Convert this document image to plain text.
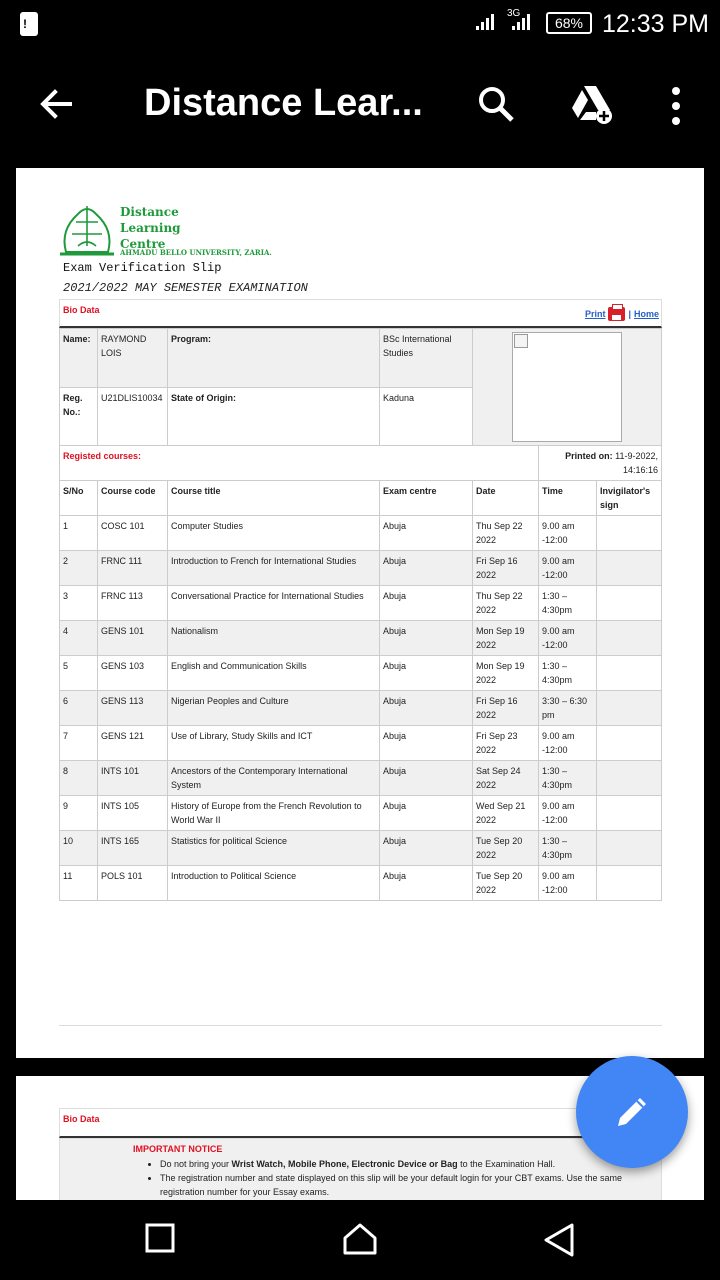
!
3G
68% 12:33 PM
Distance Lear...
Distance
Learning
Centre
AHMADU BELLO UNIVERSITY, ZARIA.
Exam Verification Slip
2021/2022 MAY SEMESTER EXAMINATION
Bio Data	Print	| Home
Name:	RAYMOND LOIS	Program:	BSc International Studies	

Reg. No.:	U21DLIS10034	State of Origin:	Kaduna	
Registed courses:					Printed on: 11-9-2022, 14:16:16	
S/No	Course code	Course title	Exam centre	Date	Time	Invigilator's sign
1	COSC 101	Computer Studies	Abuja	Thu Sep 22 2022	9.00 am -12:00	
2	FRNC 111	Introduction to French for International Studies	Abuja	Fri Sep 16 2022	9.00 am -12:00	
3	FRNC 113	Conversational Practice for International Studies	Abuja	Thu Sep 22 2022	1:30 – 4:30pm	
4	GENS 101	Nationalism	Abuja	Mon Sep 19 2022	9.00 am -12:00	
5	GENS 103	English and Communication Skills	Abuja	Mon Sep 19 2022	1:30 – 4:30pm	
6	GENS 113	Nigerian Peoples and Culture	Abuja	Fri Sep 16 2022	3:30 – 6:30 pm	
7	GENS 121	Use of Library, Study Skills and ICT	Abuja	Fri Sep 23 2022	9.00 am -12:00	
8	INTS 101	Ancestors of the Contemporary International System	Abuja	Sat Sep 24 2022	1:30 – 4:30pm	
9	INTS 105	History of Europe from the French Revolution to World War II	Abuja	Wed Sep 21 2022	9.00 am -12:00	
10	INTS 165	Statistics for political Science	Abuja	Tue Sep 20 2022	1:30 – 4:30pm	
11	POLS 101	Introduction to Political Science	Abuja	Tue Sep 20 2022	9.00 am -12:00	
Bio Data
IMPORTANT NOTICE
• Do not bring your Wrist Watch, Mobile Phone, Electronic Device or Bag to the Examination Hall.
• The registration number and state displayed on this slip will be your default login for your CBT exams. Use the same registration number for your Essay exams.
